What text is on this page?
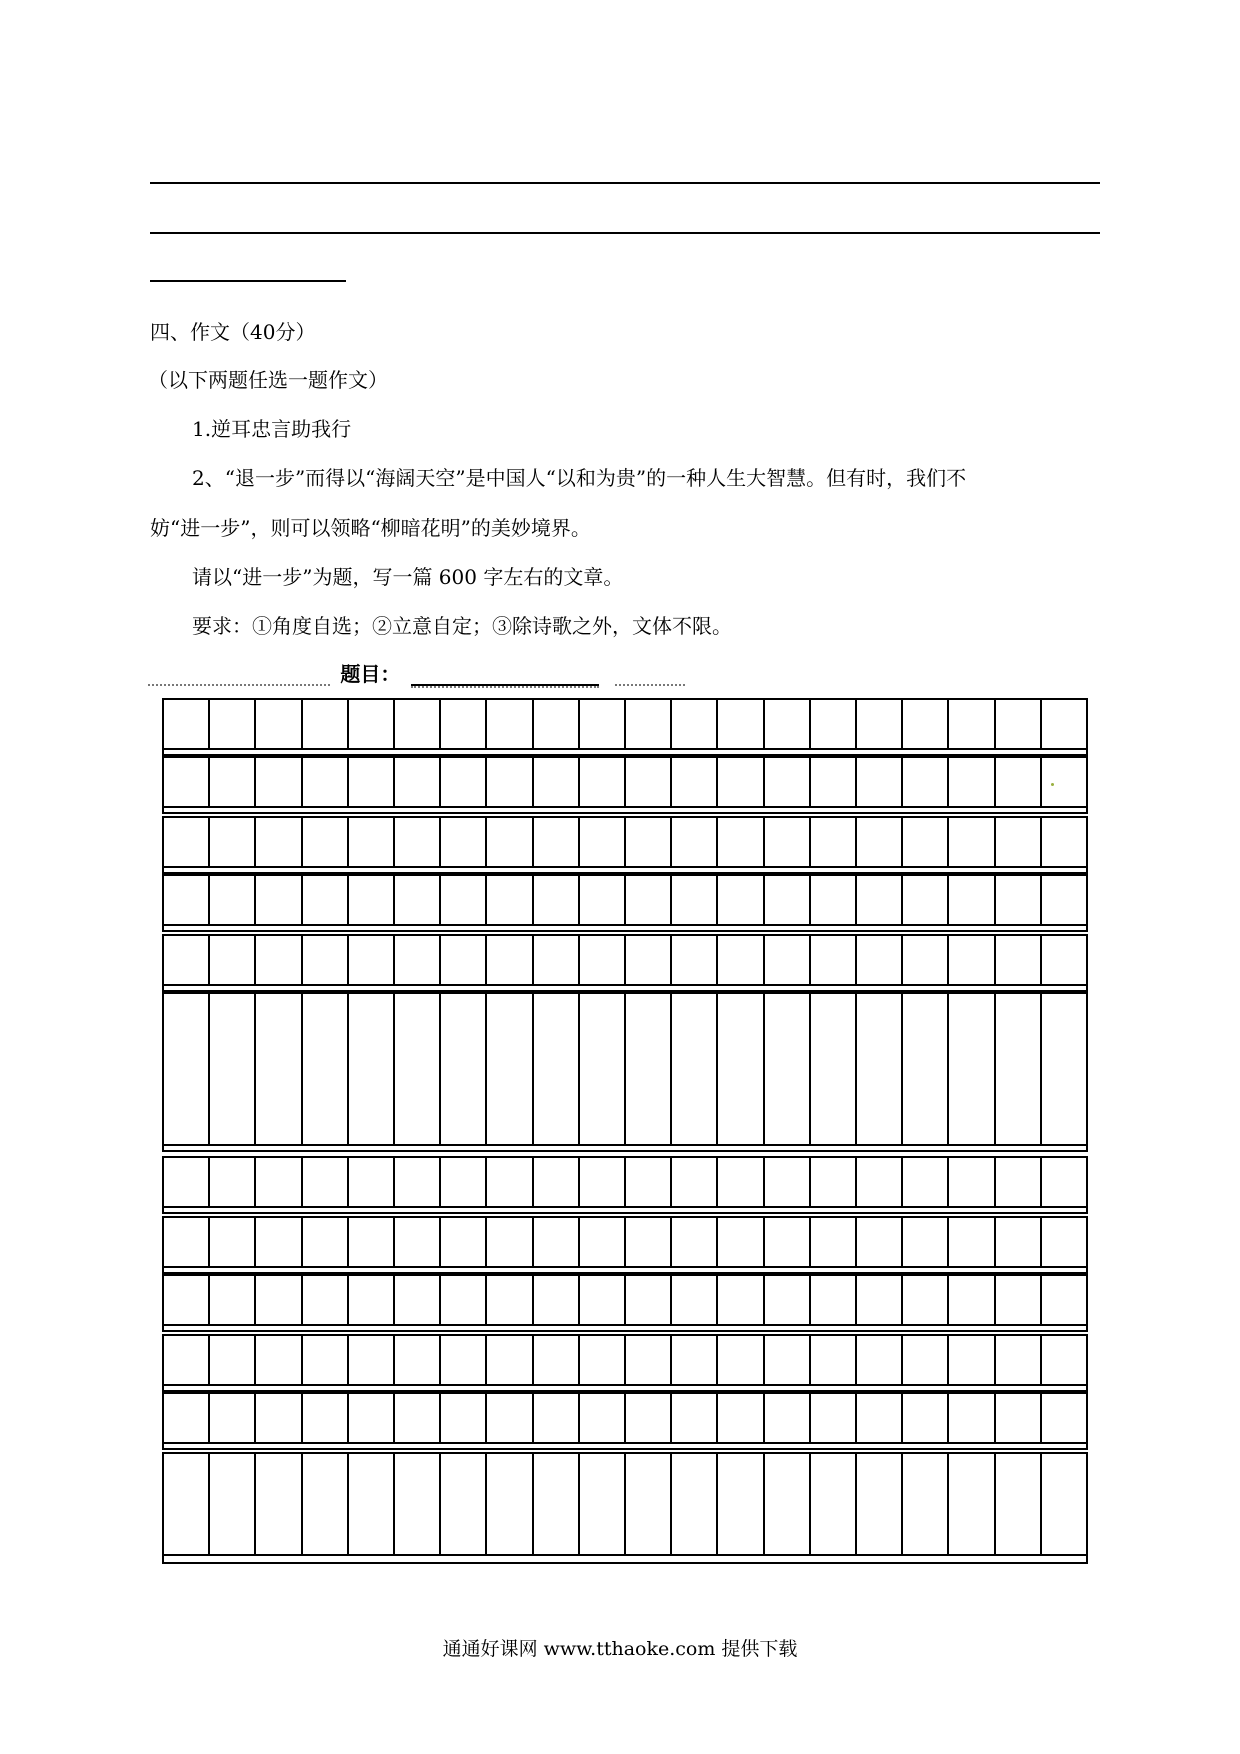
四、作文（40分）
（以下两题任选一题作文）
1.逆耳忠言助我行
2、“退一步”而得以“海阔天空”是中国人“以和为贵”的一种人生大智慧。但有时，我们不
妨“进一步”，则可以领略“柳暗花明”的美妙境界。
请以“进一步”为题，写一篇 600 字左右的文章。
要求：①角度自选；②立意自定；③除诗歌之外，文体不限。
题目：
通通好课网 www.tthaoke.com 提供下载
